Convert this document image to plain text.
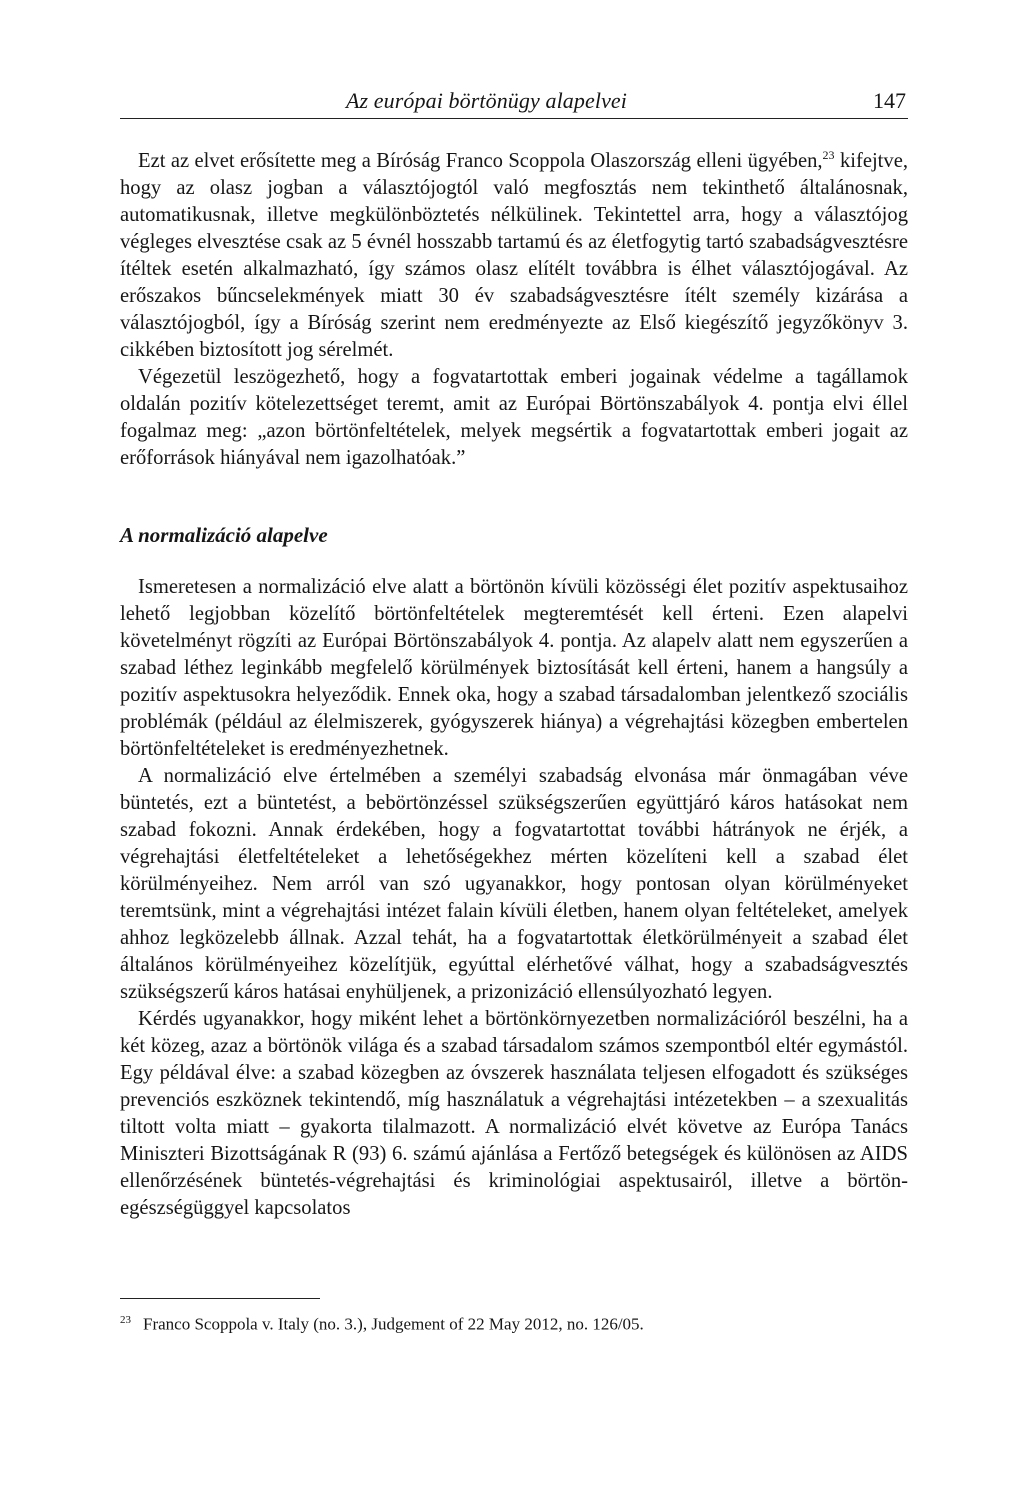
Az európai börtönügy alapelvei	147

Ezt az elvet erősítette meg a Bíróság Franco Scoppola Olaszország elleni ügyében,$^{23}$ kifejtve, hogy az olasz jogban a választójogtól való megfosztás nem tekinthető általánosnak, automatikusnak, illetve megkülönböztetés nélkülinek. Tekintettel arra, hogy a választójog végleges elvesztése csak az 5 évnél hosszabb tartamú és az életfogytig tartó szabadságvesztésre ítéltek esetén alkalmazható, így számos olasz elítélt továbbra is élhet választójogával. Az erőszakos bűncselekmények miatt 30 év szabadságvesztésre ítélt személy kizárása a választójogból, így a Bíróság szerint nem eredményezte az Első kiegészítő jegyzőkönyv 3. cikkében biztosított jog sérelmét.

Végezetül leszögezhető, hogy a fogvatartottak emberi jogainak védelme a tagállamok oldalán pozitív kötelezettséget teremt, amit az Európai Börtönszabályok 4. pontja elvi éllel fogalmaz meg: „azon börtönfeltételek, melyek megsértik a fogvatartottak emberi jogait az erőforrások hiányával nem igazolhatóak.”

A normalizáció alapelve

Ismeretesen a normalizáció elve alatt a börtönön kívüli közösségi élet pozitív aspektusaihoz lehető legjobban közelítő börtönfeltételek megteremtését kell érteni. Ezen alapelvi követelményt rögzíti az Európai Börtönszabályok 4. pontja. Az alapelv alatt nem egyszerűen a szabad léthez leginkább megfelelő körülmények biztosítását kell érteni, hanem a hangsúly a pozitív aspektusokra helyeződik. Ennek oka, hogy a szabad társadalomban jelentkező szociális problémák (például az élelmiszerek, gyógyszerek hiánya) a végrehajtási közegben embertelen börtönfeltételeket is eredményezhetnek.

A normalizáció elve értelmében a személyi szabadság elvonása már önmagában véve büntetés, ezt a büntetést, a bebörtönzéssel szükségszerűen együttjáró káros hatásokat nem szabad fokozni. Annak érdekében, hogy a fogvatartottat további hátrányok ne érjék, a végrehajtási életfeltételeket a lehetőségekhez mérten közelíteni kell a szabad élet körülményeihez. Nem arról van szó ugyanakkor, hogy pontosan olyan körülményeket teremtsünk, mint a végrehajtási intézet falain kívüli életben, hanem olyan feltételeket, amelyek ahhoz legközelebb állnak. Azzal tehát, ha a fogvatartottak életkörülményeit a szabad élet általános körülményeihez közelítjük, egyúttal elérhetővé válhat, hogy a szabadságvesztés szükségszerű káros hatásai enyhüljenek, a prizonizáció ellensúlyozható legyen.

Kérdés ugyanakkor, hogy miként lehet a börtönkörnyezetben normalizációról beszélni, ha a két közeg, azaz a börtönök világa és a szabad társadalom számos szempontból eltér egymástól. Egy példával élve: a szabad közegben az óvszerek használata teljesen elfogadott és szükséges prevenciós eszköznek tekintendő, míg használatuk a végrehajtási intézetekben – a szexualitás tiltott volta miatt – gyakorta tilalmazott. A normalizáció elvét követve az Európa Tanács Miniszteri Bizottságának R (93) 6. számú ajánlása a Fertőző betegségek és különösen az AIDS ellenőrzésének büntetés-végrehajtási és kriminológiai aspektusairól, illetve a börtön-egészségüggyel kapcsolatos

$^{23}$ Franco Scoppola v. Italy (no. 3.), Judgement of 22 May 2012, no. 126/05.
